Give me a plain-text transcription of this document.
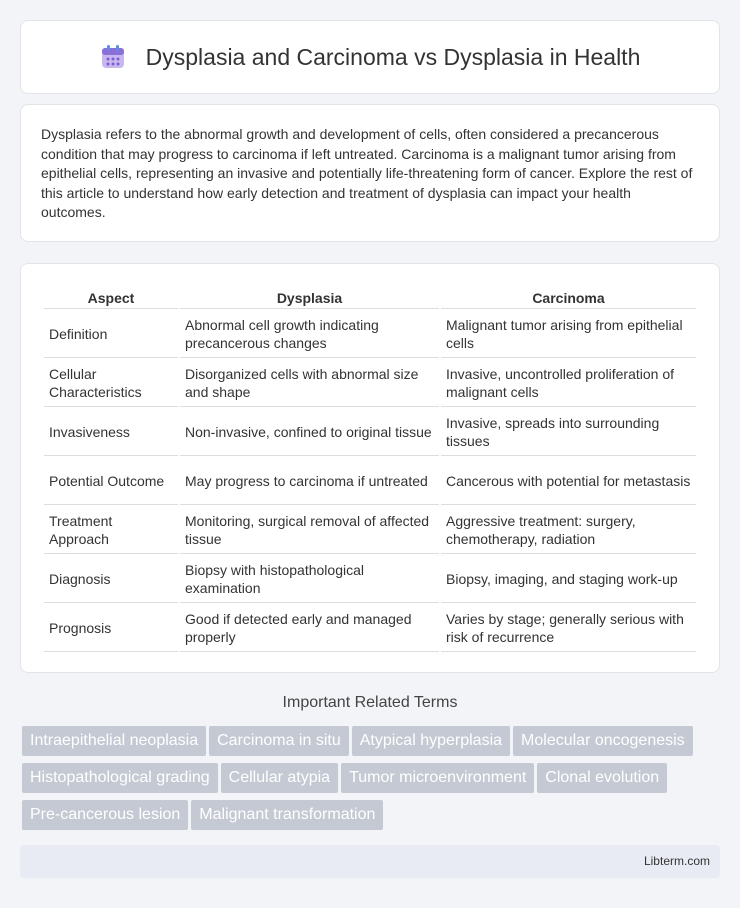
Dysplasia and Carcinoma vs Dysplasia in Health

Dysplasia refers to the abnormal growth and development of cells, often considered a precancerous condition that may progress to carcinoma if left untreated. Carcinoma is a malignant tumor arising from epithelial cells, representing an invasive and potentially life-threatening form of cancer. Explore the rest of this article to understand how early detection and treatment of dysplasia can impact your health outcomes.

Aspect	Dysplasia	Carcinoma
Definition	Abnormal cell growth indicating precancerous changes	Malignant tumor arising from epithelial cells
Cellular Characteristics	Disorganized cells with abnormal size and shape	Invasive, uncontrolled proliferation of malignant cells
Invasiveness	Non-invasive, confined to original tissue	Invasive, spreads into surrounding tissues
Potential Outcome	May progress to carcinoma if untreated	Cancerous with potential for metastasis
Treatment Approach	Monitoring, surgical removal of affected tissue	Aggressive treatment: surgery, chemotherapy, radiation
Diagnosis	Biopsy with histopathological examination	Biopsy, imaging, and staging work-up
Prognosis	Good if detected early and managed properly	Varies by stage; generally serious with risk of recurrence
Important Related Terms
Intraepithelial neoplasia Carcinoma in situ Atypical hyperplasia Molecular oncogenesis
Histopathological grading Cellular atypia Tumor microenvironment Clonal evolution
Pre-cancerous lesion Malignant transformation
Libterm.com
